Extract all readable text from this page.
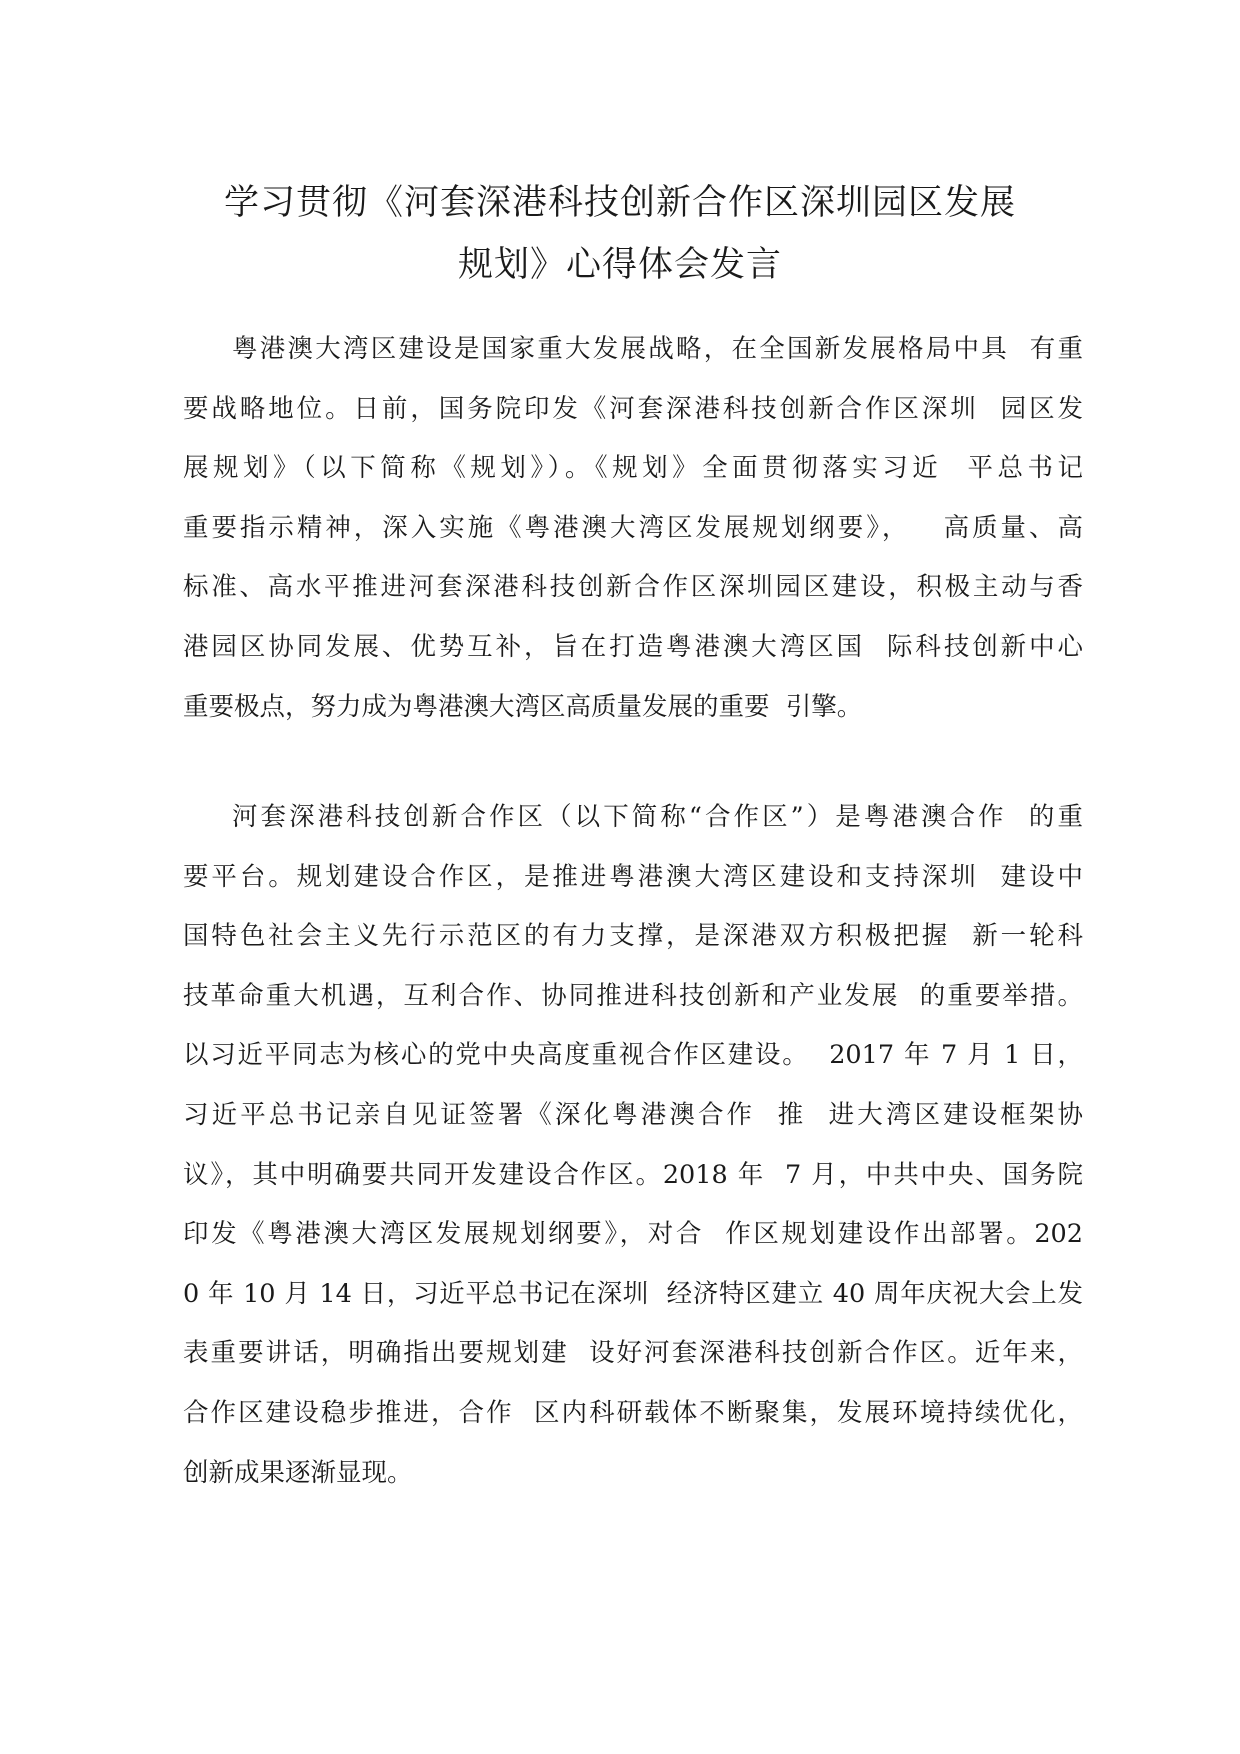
学习贯彻《河套深港科技创新合作区深圳园区发展
规划》心得体会发言
粤港澳大湾区建设是国家重大发展战略，在全国新发展格局中具  有重
要战略地位。日前，国务院印发《河套深港科技创新合作区深圳  园区发
展规划》（以下简称《规划》）。《规划》全面贯彻落实习近  平总书记
重要指示精神，深入实施《粤港澳大湾区发展规划纲要》，   高质量、高
标准、高水平推进河套深港科技创新合作区深圳园区建设，积极主动与香
港园区协同发展、优势互补，旨在打造粤港澳大湾区国  际科技创新中心
重要极点，努力成为粤港澳大湾区高质量发展的重要  引擎。
河套深港科技创新合作区（以下简称“合作区”）是粤港澳合作  的重
要平台。规划建设合作区，是推进粤港澳大湾区建设和支持深圳  建设中
国特色社会主义先行示范区的有力支撑，是深港双方积极把握  新一轮科
技革命重大机遇，互利合作、协同推进科技创新和产业发展  的重要举措。
以习近平同志为核心的党中央高度重视合作区建设。  2017 年 7 月 1 日，
习近平总书记亲自见证签署《深化粤港澳合作  推  进大湾区建设框架协
议》，其中明确要共同开发建设合作区。2018 年  7 月，中共中央、国务院
印发《粤港澳大湾区发展规划纲要》，对合  作区规划建设作出部署。202
0 年 10 月 14 日，习近平总书记在深圳  经济特区建立 40 周年庆祝大会上发
表重要讲话，明确指出要规划建  设好河套深港科技创新合作区。近年来，
合作区建设稳步推进，合作  区内科研载体不断聚集，发展环境持续优化，
创新成果逐渐显现。
